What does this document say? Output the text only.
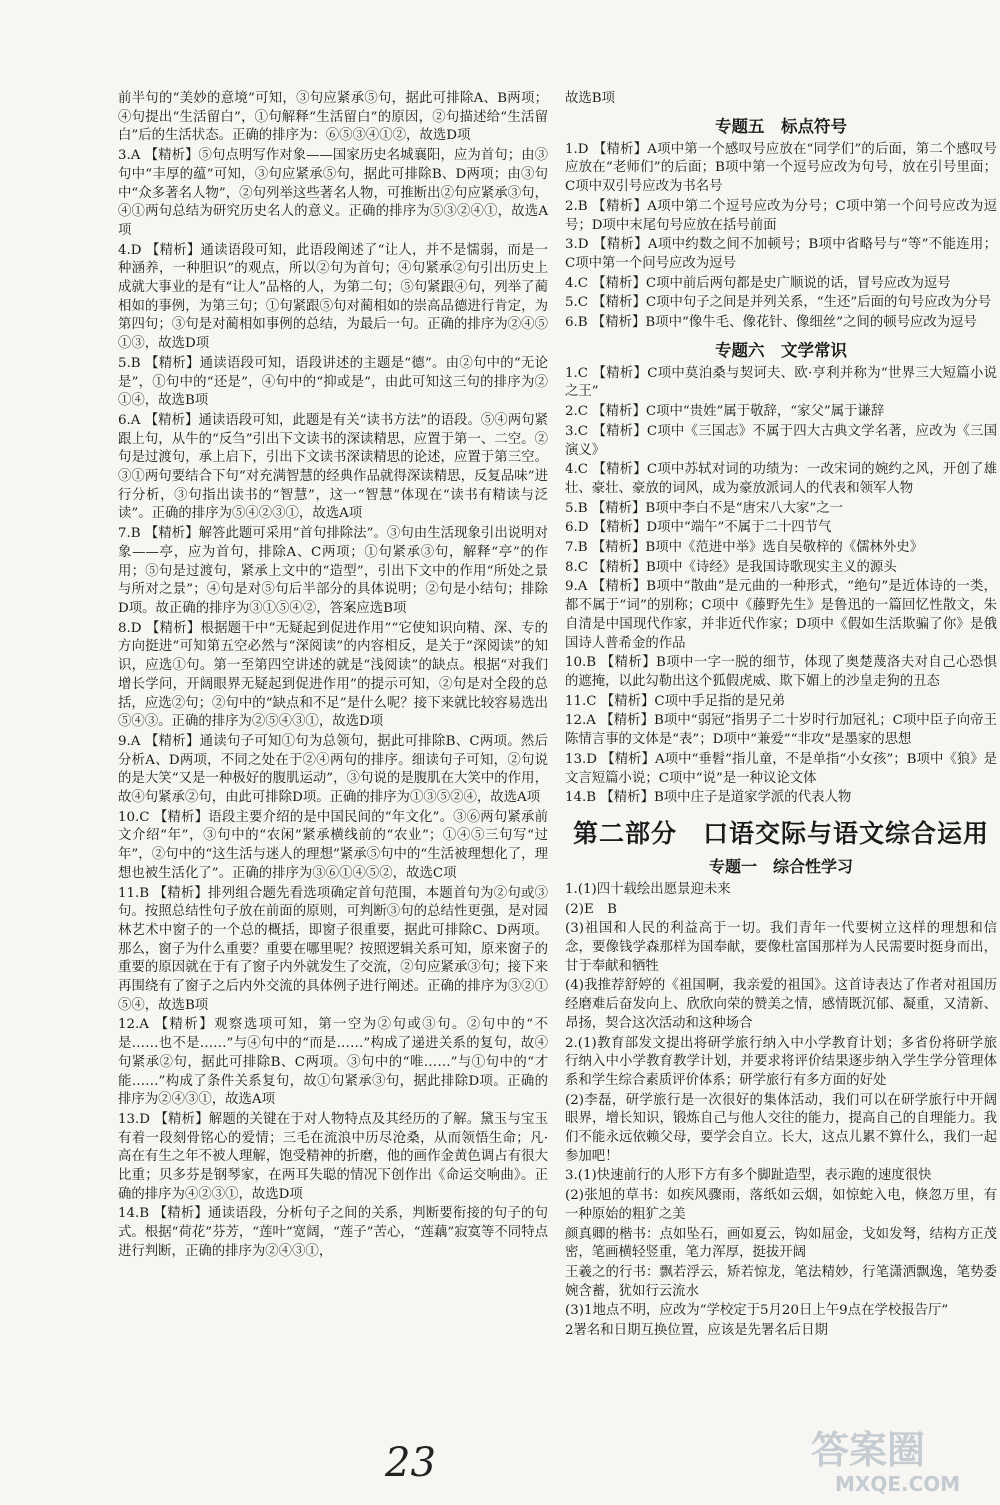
前半句的“美妙的意境”可知，③句应紧承⑤句，据此可排除A、B两项；④句提出“生活留白”，①句解释“生活留白”的原因，②句描述给“生活留白”后的生活状态。正确的排序为：⑥⑤③④①②，故选D项

3.A 【精析】⑤句点明写作对象——国家历史名城襄阳，应为首句；由③句中“丰厚的蕴”可知，③句应紧承⑤句，据此可排除B、D两项；由③句中“众多著名人物”，②句列举这些著名人物，可推断出②句应紧承③句，④①两句总结为研究历史名人的意义。正确的排序为⑤③②④①，故选A项

4.D 【精析】通读语段可知，此语段阐述了“让人，并不是懦弱，而是一种涵养，一种胆识”的观点，所以②句为首句；④句紧承②句引出历史上成就大事业的是有“让人”品格的人，为第二句；⑤句紧跟④句，列举了蔺相如的事例，为第三句；①句紧跟⑤句对蔺相如的崇高品德进行肯定，为第四句；③句是对蔺相如事例的总结，为最后一句。正确的排序为②④⑤①③，故选D项

5.B 【精析】通读语段可知，语段讲述的主题是“德”。由②句中的“无论是”，①句中的“还是”，④句中的“抑或是”，由此可知这三句的排序为②①④，故选B项

6.A 【精析】通读语段可知，此题是有关“读书方法”的语段。⑤④两句紧跟上句，从牛的“反刍”引出下文读书的深读精思，应置于第一、二空。②句是过渡句，承上启下，引出下文读书深读精思的论述，应置于第三空。③①两句要结合下句“对充满智慧的经典作品就得深读精思，反复品味”进行分析，③句指出读书的“智慧”，这一“智慧”体现在“读书有精读与泛读”。正确的排序为⑤④②③①，故选A项

7.B 【精析】解答此题可采用“首句排除法”。③句由生活现象引出说明对象——亭，应为首句，排除A、C两项；①句紧承③句，解释“亭”的作用；⑤句是过渡句，紧承上文中的“造型”，引出下文中的作用“所处之景与所对之景”；④句是对⑤句后半部分的具体说明；②句是小结句；排除D项。故正确的排序为③①⑤④②，答案应选B项

8.D 【精析】根据题干中“无疑起到促进作用”“它使知识向精、深、专的方向挺进”可知第五空必然与“深阅读”的内容相反，是关于“深阅读”的知识，应选①句。第一至第四空讲述的就是“浅阅读”的缺点。根据“对我们增长学问，开阔眼界无疑起到促进作用”的提示可知，②句是对全段的总括，应选②句；②句中的“缺点和不足”是什么呢？接下来就比较容易选出⑤④③。正确的排序为②⑤④③①，故选D项

9.A 【精析】通读句子可知①句为总领句，据此可排除B、C两项。然后分析A、D两项，不同之处在于②④两句的排序。细读句子可知，②句说的是大笑“又是一种极好的腹肌运动”，③句说的是腹肌在大笑中的作用，故④句紧承②句，由此可排除D项。正确的排序为①③⑤②④，故选A项

10.C 【精析】语段主要介绍的是中国民间的“年文化”。③⑥两句紧承前文介绍“年”，③句中的“农闲”紧承横线前的“农业”；①④⑤三句写“过年”，②句中的“这生活与迷人的理想”紧承⑤句中的“生活被理想化了，理想也被生活化了”。正确的排序为③⑥①④⑤②，故选C项

11.B 【精析】排列组合题先看选项确定首句范围，本题首句为②句或③句。按照总结性句子放在前面的原则，可判断③句的总结性更强，是对园林艺术中窗子的一个总的概括，即窗子很重要，据此可排除C、D两项。那么，窗子为什么重要？重要在哪里呢？按照逻辑关系可知，原来窗子的重要的原因就在于有了窗子内外就发生了交流，②句应紧承③句；接下来再围绕有了窗子之后内外交流的具体例子进行阐述。正确的排序为③②①⑤④，故选B项

12.A 【精析】观察选项可知，第一空为②句或③句。②句中的“不是……也不是……”与④句中的“而是……”构成了递进关系的复句，故④句紧承②句，据此可排除B、C两项。③句中的“唯……”与①句中的“才能……”构成了条件关系复句，故①句紧承③句，据此排除D项。正确的排序为②④③①，故选A项

13.D 【精析】解题的关键在于对人物特点及其经历的了解。黛玉与宝玉有着一段刻骨铭心的爱情；三毛在流浪中历尽沧桑，从而领悟生命；凡·高在有生之年不被人理解，饱受精神的折磨，他的画作金黄色调占有很大比重；贝多芬是钢琴家，在两耳失聪的情况下创作出《命运交响曲》。正确的排序为④②③①，故选D项

14.B 【精析】通读语段，分析句子之间的关系，判断要衔接的句子的句式。根据“荷花”芬芳，“莲叶”宽阔，“莲子”苦心，“莲藕”寂寞等不同特点进行判断，正确的排序为②④③①，

故选B项

专题五　标点符号

1.D 【精析】A项中第一个感叹号应放在“同学们”的后面，第二个感叹号应放在“老师们”的后面；B项中第一个逗号应改为句号，放在引号里面；C项中双引号应改为书名号

2.B 【精析】A项中第二个逗号应改为分号；C项中第一个问号应改为逗号；D项中末尾句号应放在括号前面

3.D 【精析】A项中约数之间不加顿号；B项中省略号与“等”不能连用；C项中第一个问号应改为逗号

4.C 【精析】C项中前后两句都是史广顺说的话，冒号应改为逗号

5.C 【精析】C项中句子之间是并列关系，“生还”后面的句号应改为分号

6.B 【精析】B项中“像牛毛、像花针、像细丝”之间的顿号应改为逗号

专题六　文学常识

1.C 【精析】C项中莫泊桑与契诃夫、欧·亨利并称为“世界三大短篇小说之王”

2.C 【精析】C项中“贵姓”属于敬辞，“家父”属于谦辞

3.C 【精析】C项中《三国志》不属于四大古典文学名著，应改为《三国演义》

4.C 【精析】C项中苏轼对词的功绩为：一改宋词的婉约之风，开创了雄壮、豪壮、豪放的词风，成为豪放派词人的代表和领军人物

5.B 【精析】B项中李白不是“唐宋八大家”之一

6.D 【精析】D项中“端午”不属于二十四节气

7.B 【精析】B项中《范进中举》选自吴敬梓的《儒林外史》

8.C 【精析】B项中《诗经》是我国诗歌现实主义的源头

9.A 【精析】B项中“散曲”是元曲的一种形式，“绝句”是近体诗的一类，都不属于“词”的别称；C项中《藤野先生》是鲁迅的一篇回忆性散文，朱自清是中国现代作家，并非近代作家；D项中《假如生活欺骗了你》是俄国诗人普希金的作品

10.B 【精析】B项中一字一脱的细节，体现了奥楚蔑洛夫对自己心恐惧的遮掩，以此勾勒出这个狐假虎威、欺下媚上的沙皇走狗的丑态

11.C 【精析】C项中手足指的是兄弟

12.A 【精析】B项中“弱冠”指男子二十岁时行加冠礼；C项中臣子向帝王陈情言事的文体是“表”；D项中“兼爱”“非攻”是墨家的思想

13.D 【精析】A项中“垂髫”指儿童，不是单指“小女孩”；B项中《狼》是文言短篇小说；C项中“说”是一种议论文体

14.B 【精析】B项中庄子是道家学派的代表人物

第二部分　口语交际与语文综合运用
专题一　综合性学习

1.(1)四十载绘出愿景迎未来

(2)E　B

(3)祖国和人民的利益高于一切。我们青年一代要树立这样的理想和信念，要像钱学森那样为国奉献，要像杜富国那样为人民需要时挺身而出，甘于奉献和牺牲

(4)我推荐舒婷的《祖国啊，我亲爱的祖国》。这首诗表达了作者对祖国历经磨难后奋发向上、欣欣向荣的赞美之情，感情既沉郁、凝重，又清新、昂扬，契合这次活动和这种场合

2.(1)教育部发文提出将研学旅行纳入中小学教育计划；多省份将研学旅行纳入中小学教育教学计划，并要求将评价结果逐步纳入学生学分管理体系和学生综合素质评价体系；研学旅行有多方面的好处

(2)李磊，研学旅行是一次很好的集体活动，我们可以在研学旅行中开阔眼界，增长知识，锻炼自己与他人交往的能力，提高自己的自理能力。我们不能永远依赖父母，要学会自立。长大，这点儿累不算什么，我们一起参加吧！

3.(1)快速前行的人形下方有多个脚趾造型，表示跑的速度很快

(2)张旭的草书：如疾风骤雨，落纸如云烟，如惊蛇入电，倏忽万里，有一种原始的粗犷之美

颜真卿的楷书：点如坠石，画如夏云，钩如屈金，戈如发弩，结构方正茂密，笔画横轻竖重，笔力浑厚，挺拔开阔

王羲之的行书：飘若浮云，矫若惊龙，笔法精妙，行笔潇洒飘逸，笔势委婉含蓄，犹如行云流水

(3)1地点不明，应改为“学校定于5月20日上午9点在学校报告厅”

2署名和日期互换位置，应该是先署名后日期

23	答案圈
MXQE.COM
